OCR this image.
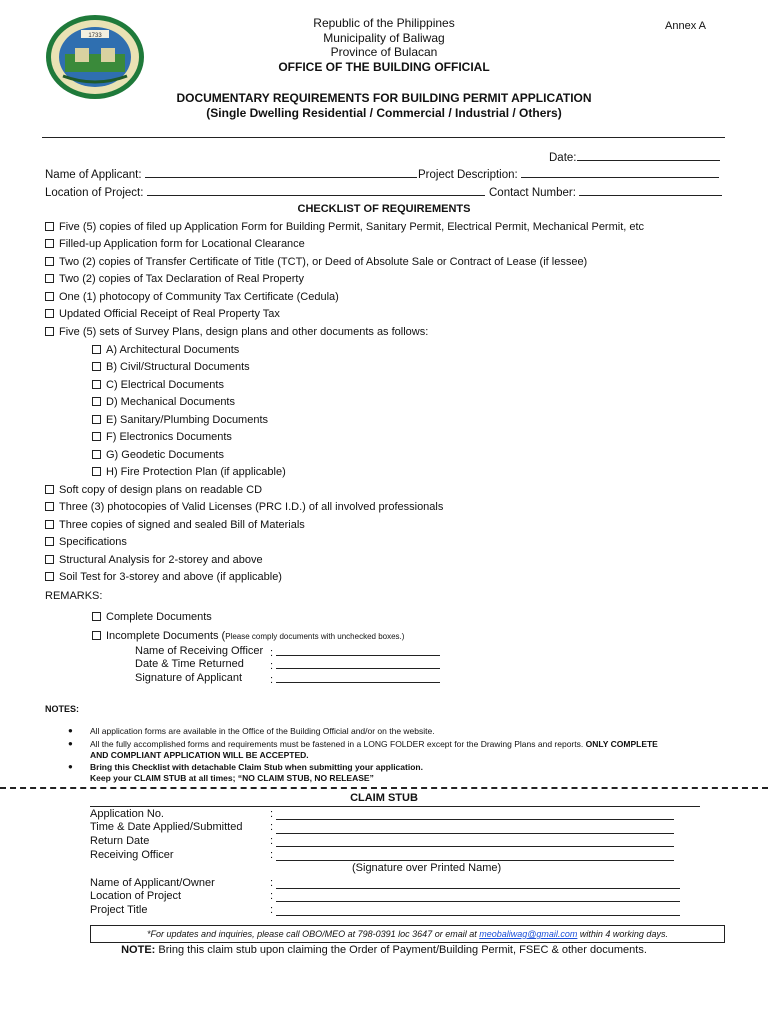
1733
Annex A
Republic of the Philippines
Municipality of Baliwag
Province of Bulacan
OFFICE OF THE BUILDING OFFICIAL
DOCUMENTARY REQUIREMENTS FOR BUILDING PERMIT APPLICATION
(Single Dwelling Residential / Commercial / Industrial / Others)
Date:
Name of Applicant:	Project Description:
Location of Project:	Contact Number:
CHECKLIST OF REQUIREMENTS
Five (5) copies of filed up Application Form for Building Permit, Sanitary Permit, Electrical Permit, Mechanical Permit, etc
Filled-up Application form for Locational Clearance
Two (2) copies of Transfer Certificate of Title (TCT), or Deed of Absolute Sale or Contract of Lease (if lessee)
Two (2) copies of Tax Declaration of Real Property
One (1) photocopy of Community Tax Certificate (Cedula)
Updated Official Receipt of Real Property Tax
Five (5) sets of Survey Plans, design plans and other documents as follows:
A) Architectural Documents
B) Civil/Structural Documents
C) Electrical Documents
D) Mechanical Documents
E) Sanitary/Plumbing Documents
F) Electronics Documents
G) Geodetic Documents
H) Fire Protection Plan (if applicable)
Soft copy of design plans on readable CD
Three (3) photocopies of Valid Licenses (PRC I.D.) of all involved professionals
Three copies of signed and sealed Bill of Materials
Specifications
Structural Analysis for 2-storey and above
Soil Test for 3-storey and above (if applicable)
REMARKS:
Complete Documents
Incomplete Documents (Please comply documents with unchecked boxes.)
Name of Receiving Officer :
Date & Time Returned :
Signature of Applicant	:
NOTES:
● All application forms are available in the Office of the Building Official and/or on the website.
● All the fully accomplished forms and requirements must be fastened in a LONG FOLDER except for the Drawing Plans and reports. ONLY COMPLETE
AND COMPLIANT APPLICATION WILL BE ACCEPTED.
● Bring this Checklist with detachable Claim Stub when submitting your application.
Keep your CLAIM STUB at all times; “NO CLAIM STUB, NO RELEASE”
CLAIM STUB
Application No.	:
Time & Date Applied/Submitted	:
Return Date	:
Receiving Officer	:
(Signature over Printed Name)
Name of Applicant/Owner	:
Location of Project	:
Project Title	:
*For updates and inquiries, please call OBO/MEO at 798-0391 loc 3647 or email at meobaliwag@gmail.com within 4 working days.
NOTE: Bring this claim stub upon claiming the Order of Payment/Building Permit, FSEC & other documents.
